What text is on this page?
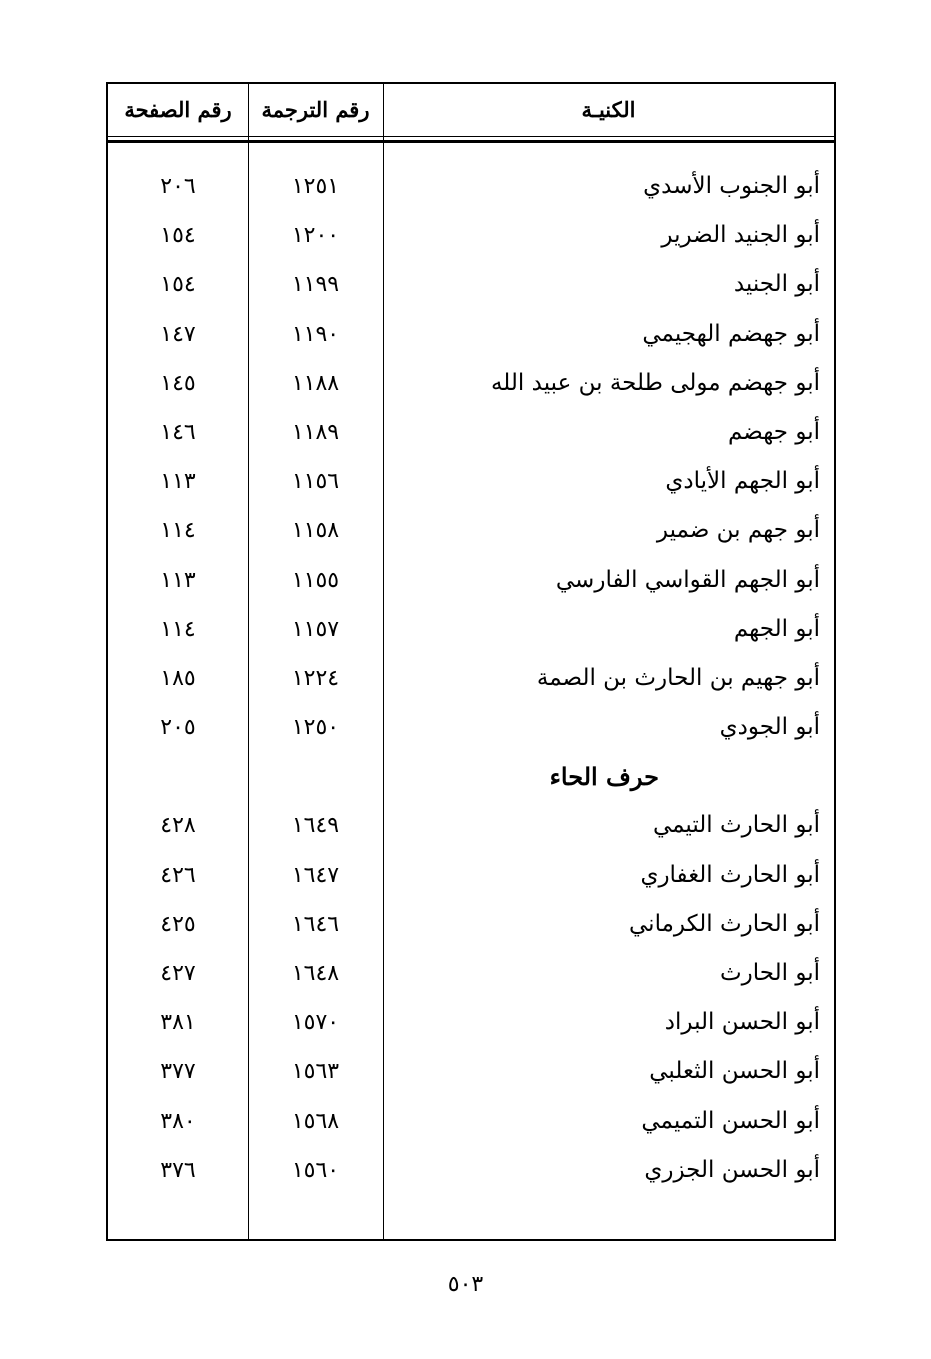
رقم الصفحة	رقم الترجمة	الكنيـة
٢٠٦	١٢٥١	أبو الجنوب الأسدي
١٥٤	١٢٠٠	أبو الجنيد الضرير
١٥٤	١١٩٩	أبو الجنيد
١٤٧	١١٩٠	أبو جهضم الهجيمي
١٤٥	١١٨٨	أبو جهضم مولى طلحة بن عبيد الله
١٤٦	١١٨٩	أبو جهضم
١١٣	١١٥٦	أبو الجهم الأيادي
١١٤	١١٥٨	أبو جهم بن ضمير
١١٣	١١٥٥	أبو الجهم القواسي الفارسي
١١٤	١١٥٧	أبو الجهم
١٨٥	١٢٢٤	أبو جهيم بن الحارث بن الصمة
٢٠٥	١٢٥٠	أبو الجودي
حرف الحاء
٤٢٨	١٦٤٩	أبو الحارث التيمي
٤٢٦	١٦٤٧	أبو الحارث الغفاري
٤٢٥	١٦٤٦	أبو الحارث الكرماني
٤٢٧	١٦٤٨	أبو الحارث
٣٨١	١٥٧٠	أبو الحسن البراد
٣٧٧	١٥٦٣	أبو الحسن الثعلبي
٣٨٠	١٥٦٨	أبو الحسن التميمي
٣٧٦	١٥٦٠	أبو الحسن الجزري
٥٠٣
